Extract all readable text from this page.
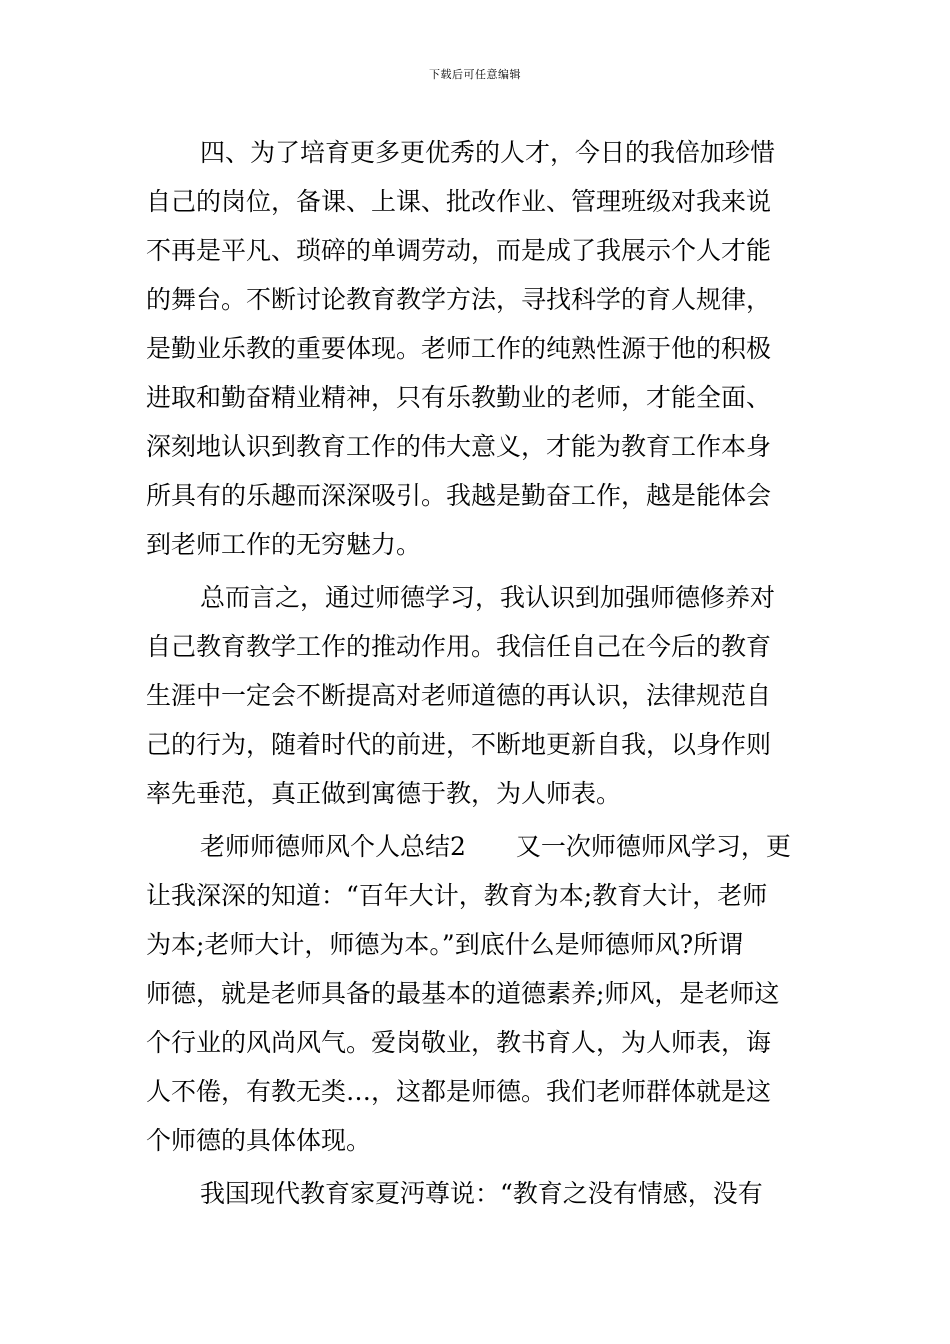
下载后可任意编辑
四、为了培育更多更优秀的人才，今日的我倍加珍惜
自己的岗位，备课、上课、批改作业、管理班级对我来说
不再是平凡、琐碎的单调劳动，而是成了我展示个人才能
的舞台。不断讨论教育教学方法，寻找科学的育人规律，
是勤业乐教的重要体现。老师工作的纯熟性源于他的积极
进取和勤奋精业精神，只有乐教勤业的老师，才能全面、
深刻地认识到教育工作的伟大意义，才能为教育工作本身
所具有的乐趣而深深吸引。我越是勤奋工作，越是能体会
到老师工作的无穷魅力。
总而言之，通过师德学习，我认识到加强师德修养对
自己教育教学工作的推动作用。我信任自己在今后的教育
生涯中一定会不断提高对老师道德的再认识，法律规范自
己的行为，随着时代的前进，不断地更新自我，以身作则
率先垂范，真正做到寓德于教，为人师表。
老师师德师风个人总结2　　又一次师德师风学习，更
让我深深的知道：“百年大计，教育为本;教育大计，老师
为本;老师大计，师德为本。”到底什么是师德师风?所谓
师德，就是老师具备的最基本的道德素养;师风，是老师这
个行业的风尚风气。爱岗敬业，教书育人，为人师表，诲
人不倦，有教无类…，这都是师德。我们老师群体就是这
个师德的具体体现。
我国现代教育家夏沔尊说：“教育之没有情感，没有
